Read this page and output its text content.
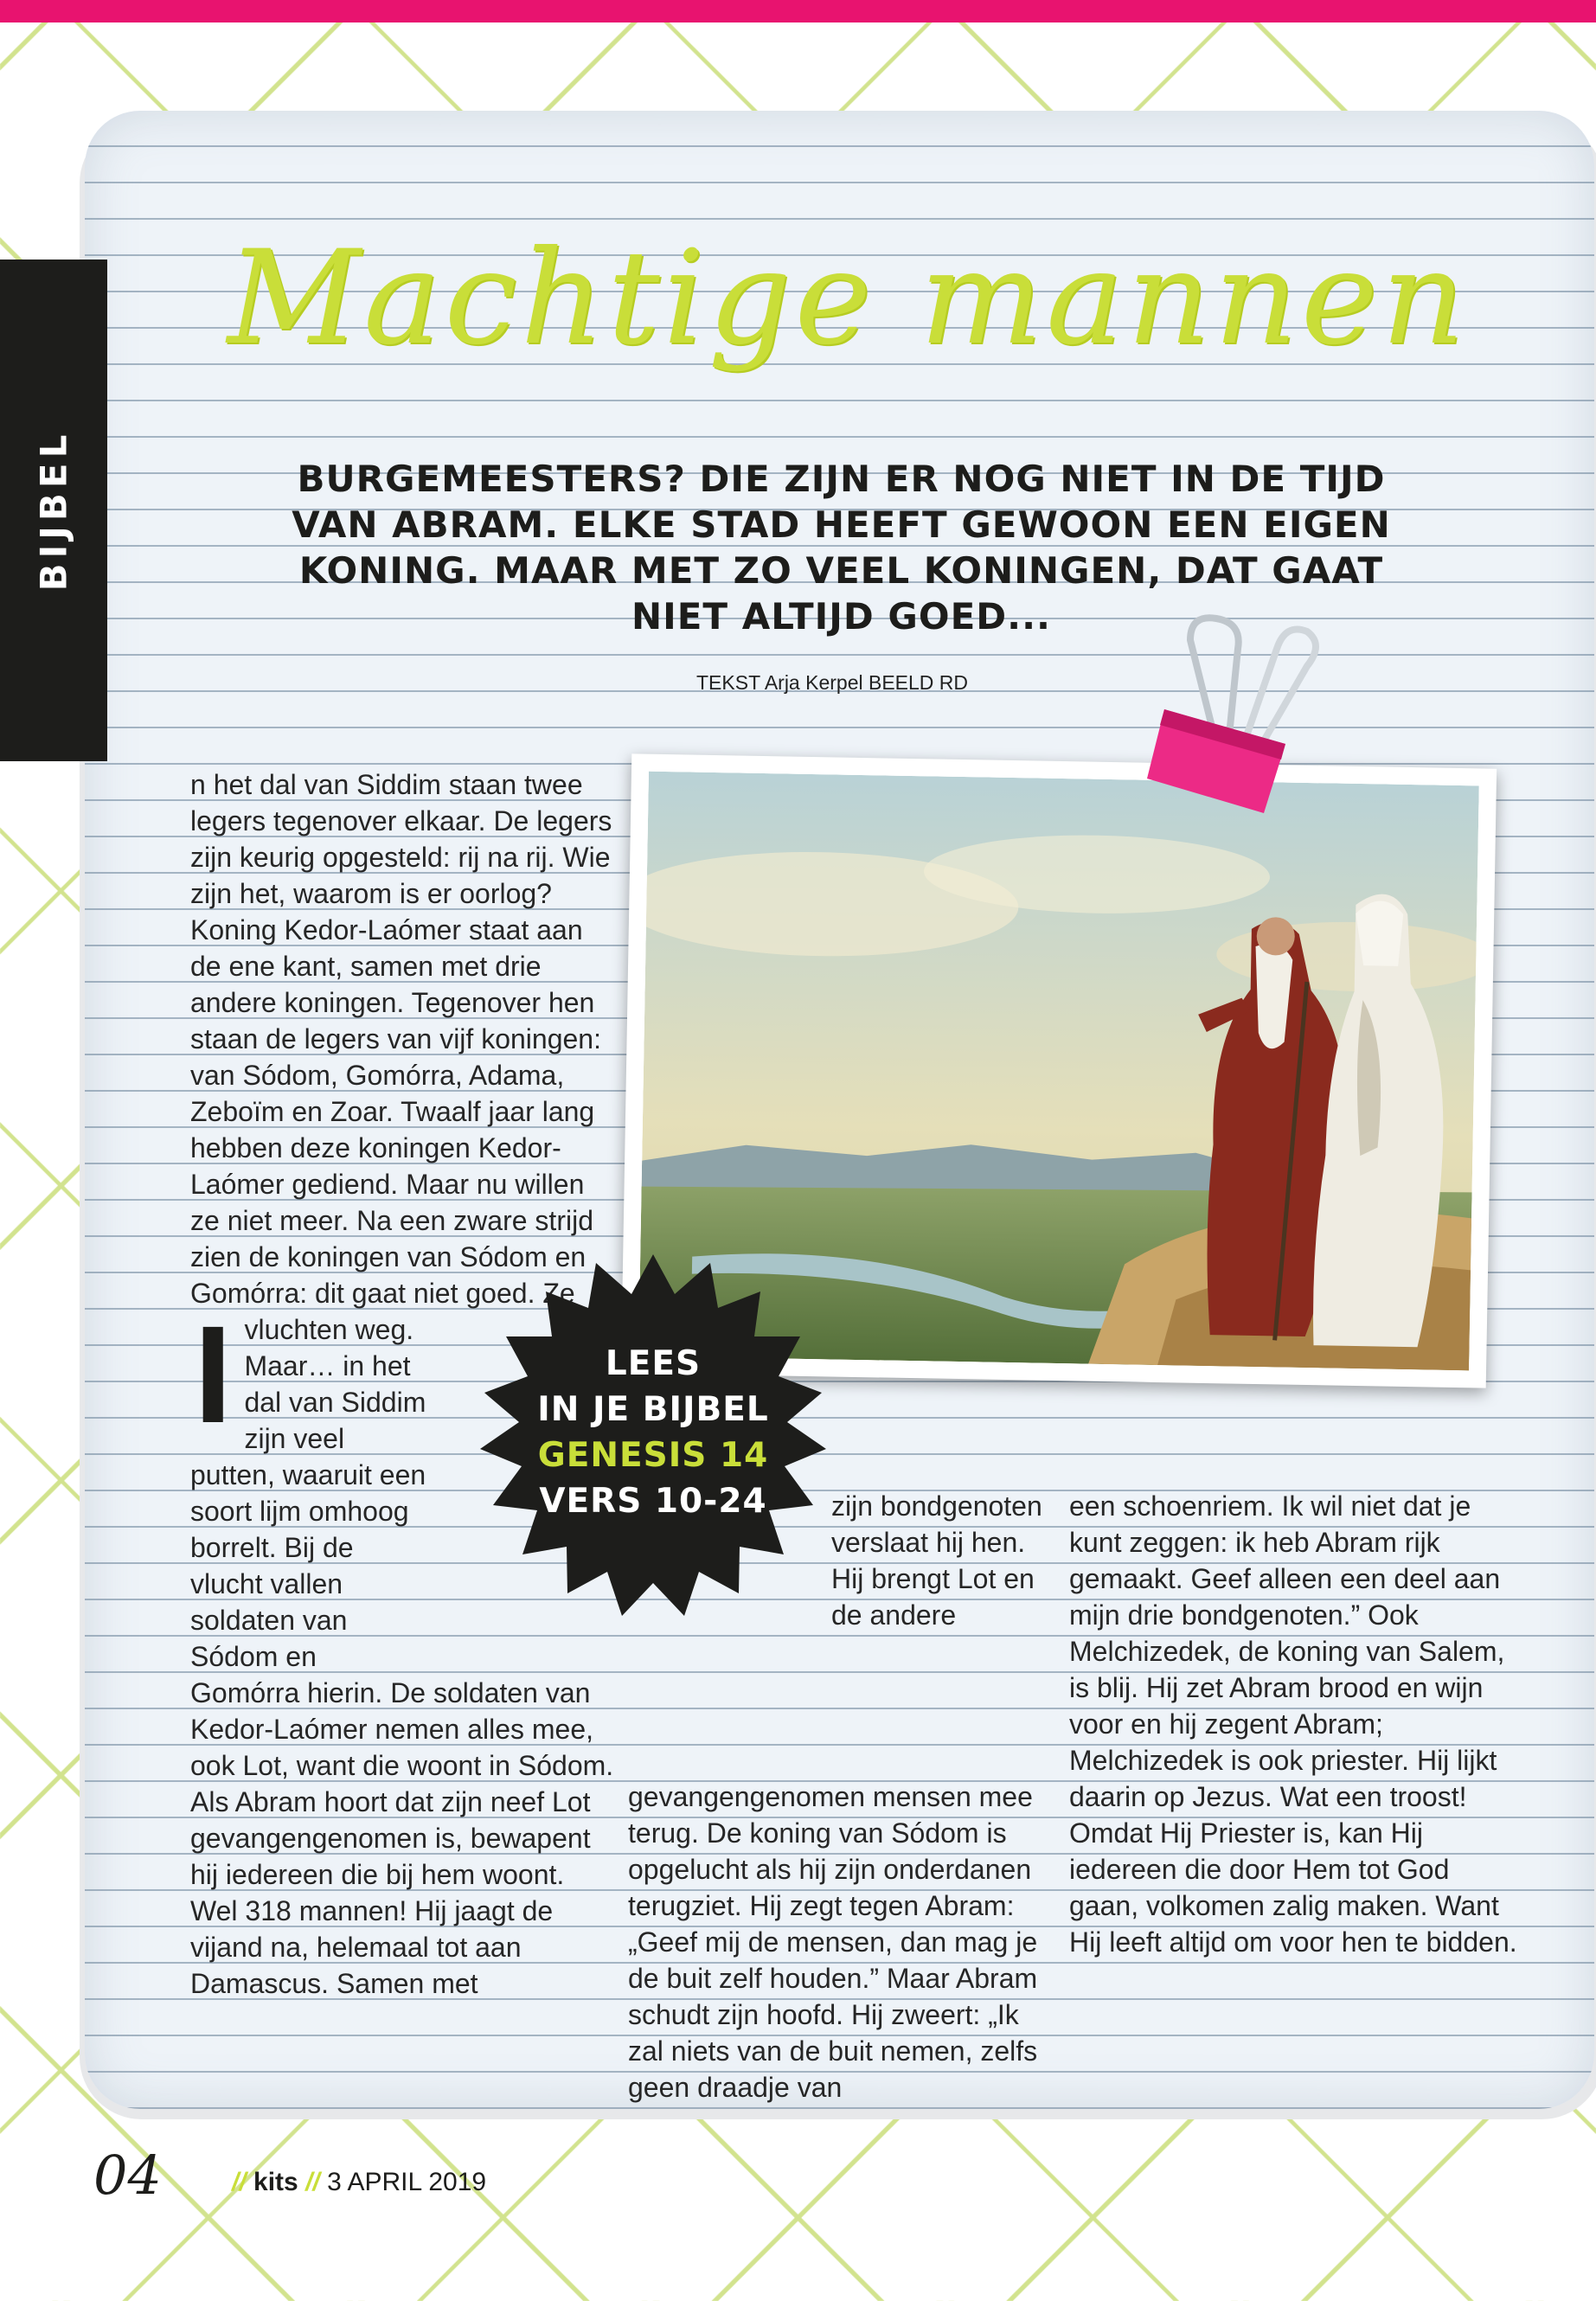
BIJBEL
Machtige mannen
BURGEMEESTERS? DIE ZIJN ER NOG NIET IN DE TIJD VAN ABRAM. ELKE STAD HEEFT GEWOON EEN EIGEN KONING. MAAR MET ZO VEEL KONINGEN, DAT GAAT NIET ALTIJD GOED...
TEKST Arja Kerpel BEELD RD
I
n het dal van Siddim staan twee legers tegenover elkaar. De legers zijn keurig opgesteld: rij na rij. Wie zijn het, waarom is er oorlog? Koning Kedor-Laómer staat aan de ene kant, samen met drie andere koningen. Tegenover hen staan de legers van vijf koningen: van Sódom, Gomórra, Adama, Zeboïm en Zoar. Twaalf jaar lang hebben deze koningen Kedor-Laómer gediend. Maar nu willen ze niet meer. Na een zware strijd zien de koningen van Sódom en Gomórra: dit gaat niet goed. Ze vluchten weg. Maar… in het dal van Siddim zijn veel putten, waaruit een soort lijm omhoog borrelt. Bij de vlucht vallen soldaten van Sódom en Gomórra hierin. De soldaten van Kedor-Laómer nemen alles mee, ook Lot, want die woont in Sódom. Als Abram hoort dat zijn neef Lot gevangengenomen is, bewapent hij iedereen die bij hem woont. Wel 318 mannen! Hij jaagt de vijand na, helemaal tot aan Damascus. Samen met
zijn bondgenoten verslaat hij hen. Hij brengt Lot en de andere gevangengenomen mensen mee terug. De koning van Sódom is opgelucht als hij zijn onderdanen terugziet. Hij zegt tegen Abram: „Geef mij de mensen, dan mag je de buit zelf houden.” Maar Abram schudt zijn hoofd. Hij zweert: „Ik zal niets van de buit nemen, zelfs geen draadje van
een schoenriem. Ik wil niet dat je kunt zeggen: ik heb Abram rijk gemaakt. Geef alleen een deel aan mijn drie bondgenoten.” Ook Melchizedek, de koning van Salem, is blij. Hij zet Abram brood en wijn voor en hij zegent Abram; Melchizedek is ook priester. Hij lijkt daarin op Jezus. Wat een troost! Omdat Hij Priester is, kan Hij iedereen die door Hem tot God gaan, volkomen zalig maken. Want Hij leeft altijd om voor hen te bidden.
LEES
IN JE BIJBEL
GENESIS 14
VERS 10-24
04	// kits // 3 APRIL 2019
